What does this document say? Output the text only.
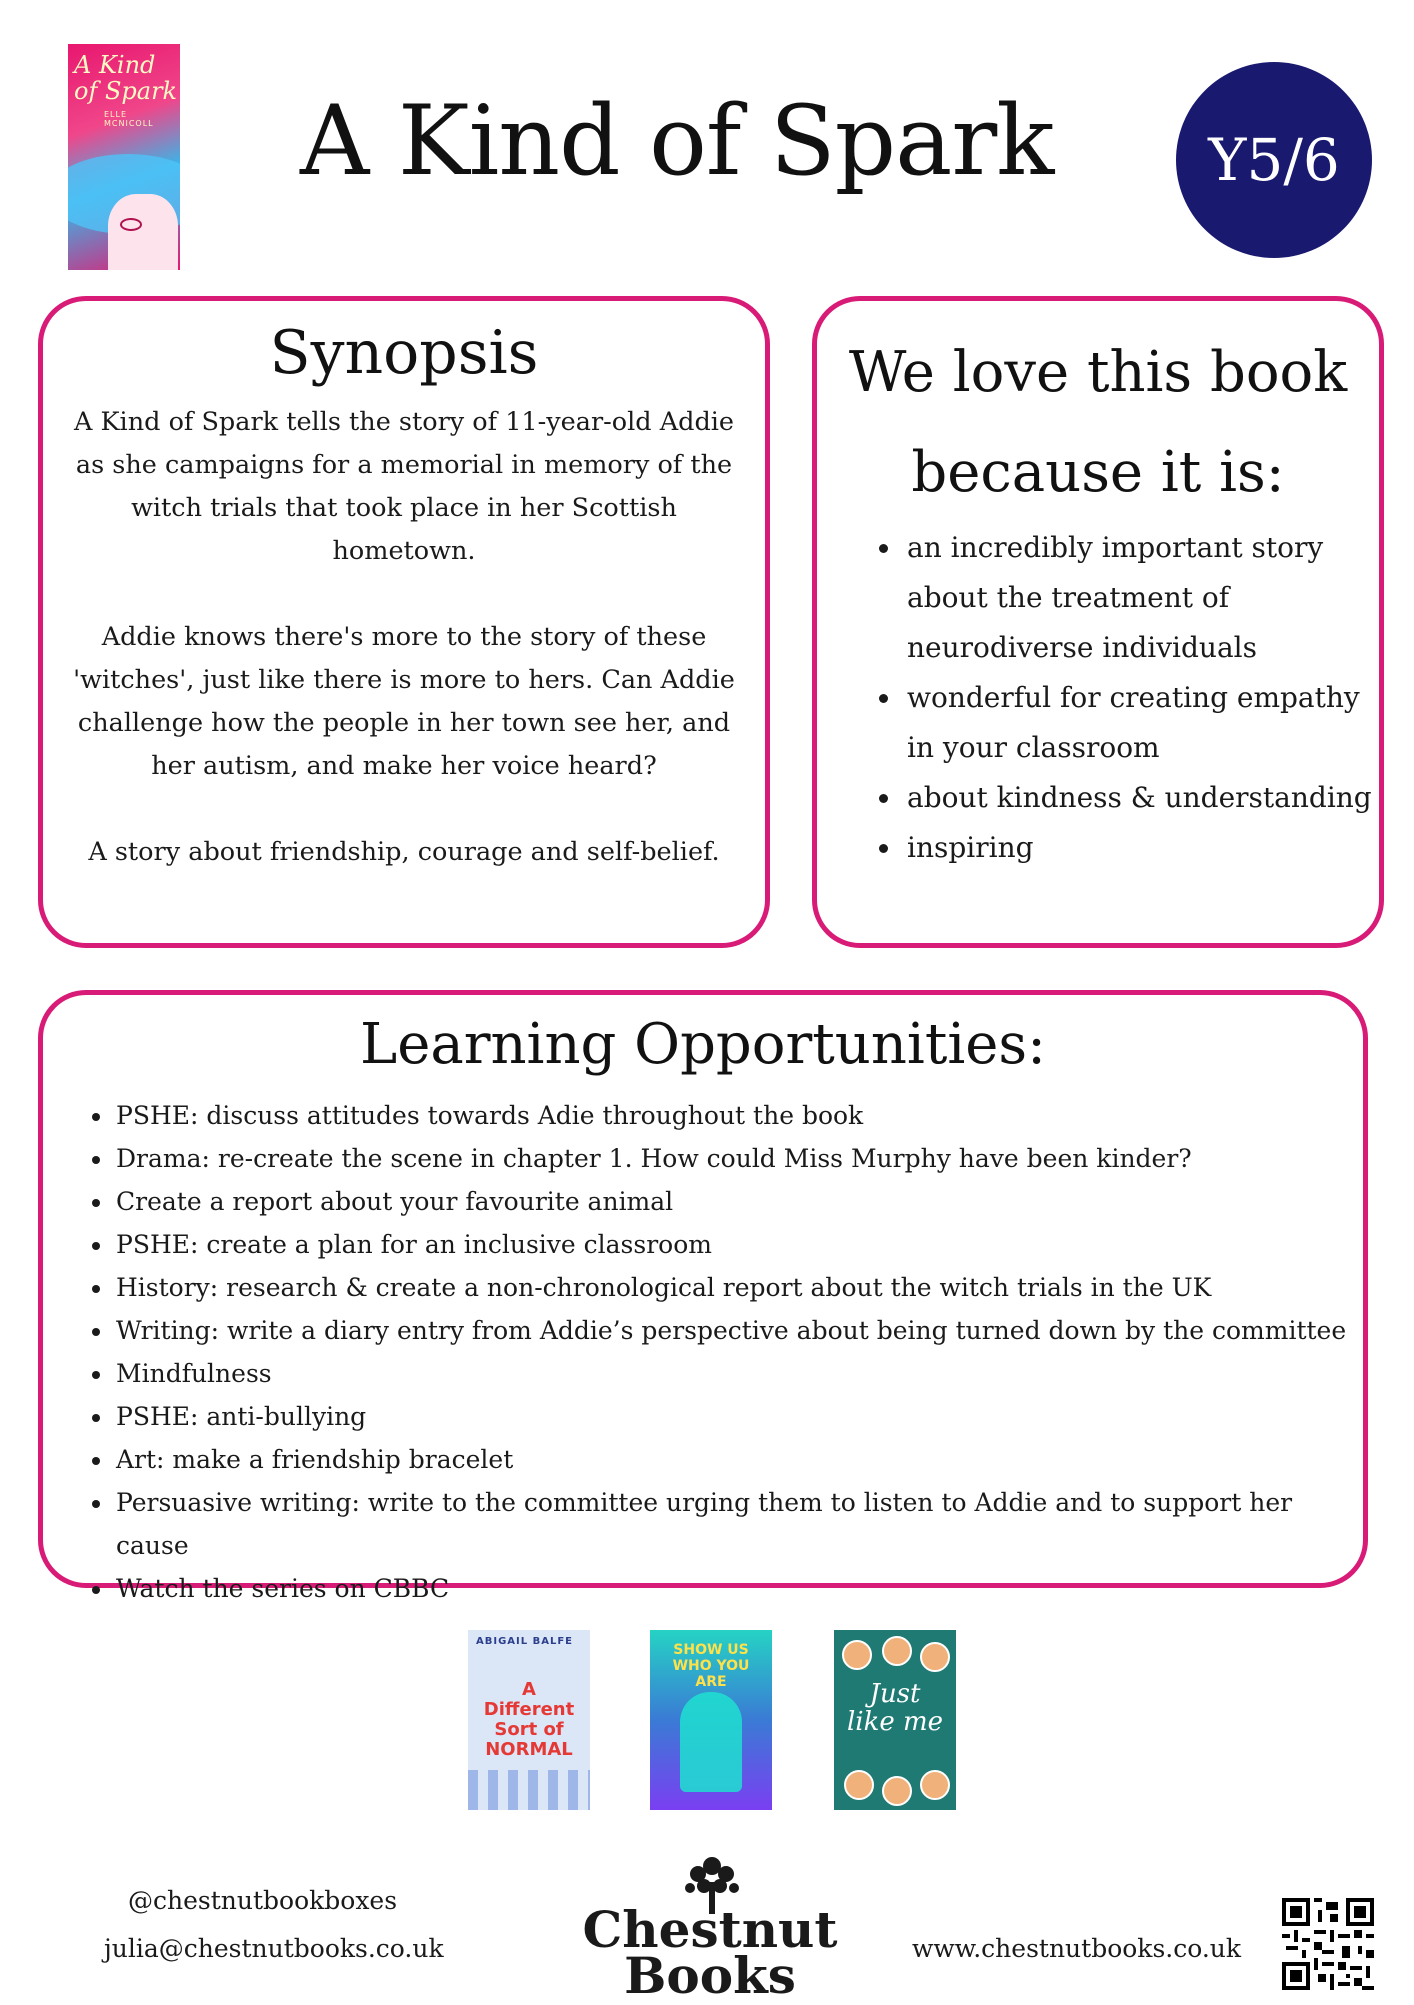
A Kind
of Spark
ELLE MCNICOLL A Kind of Spark	Y5/6
Synopsis

A Kind of Spark tells the story of 11-year-old Addie as she campaigns for a memorial in memory of the witch trials that took place in her Scottish hometown.

Addie knows there's more to the story of these 'witches', just like there is more to hers. Can Addie challenge how the people in her town see her, and her autism, and make her voice heard?

A story about friendship, courage and self-belief.

We love this book
because it is:
• an incredibly important story about the treatment of neurodiverse individuals
• wonderful for creating empathy in your classroom
• about kindness & understanding
• inspiring
Learning Opportunities:
• PSHE: discuss attitudes towards Adie throughout the book
• Drama: re-create the scene in chapter 1. How could Miss Murphy have been kinder?
• Create a report about your favourite animal
• PSHE: create a plan for an inclusive classroom
• History: research & create a non-chronological report about the witch trials in the UK
• Writing: write a diary entry from Addie’s perspective about being turned down by the committee
• Mindfulness
• PSHE: anti-bullying
• Art: make a friendship bracelet
• Persuasive writing: write to the committee urging them to listen to Addie and to support her cause
• Watch the series on CBBC
ABIGAIL BALFE
A Different Sort of NORMAL
SHOW US WHO YOU ARE	Just like me
@chestnutbookboxes
julia@chestnutbooks.co.uk	www.chestnutbooks.co.uk
Chestnut
Books
